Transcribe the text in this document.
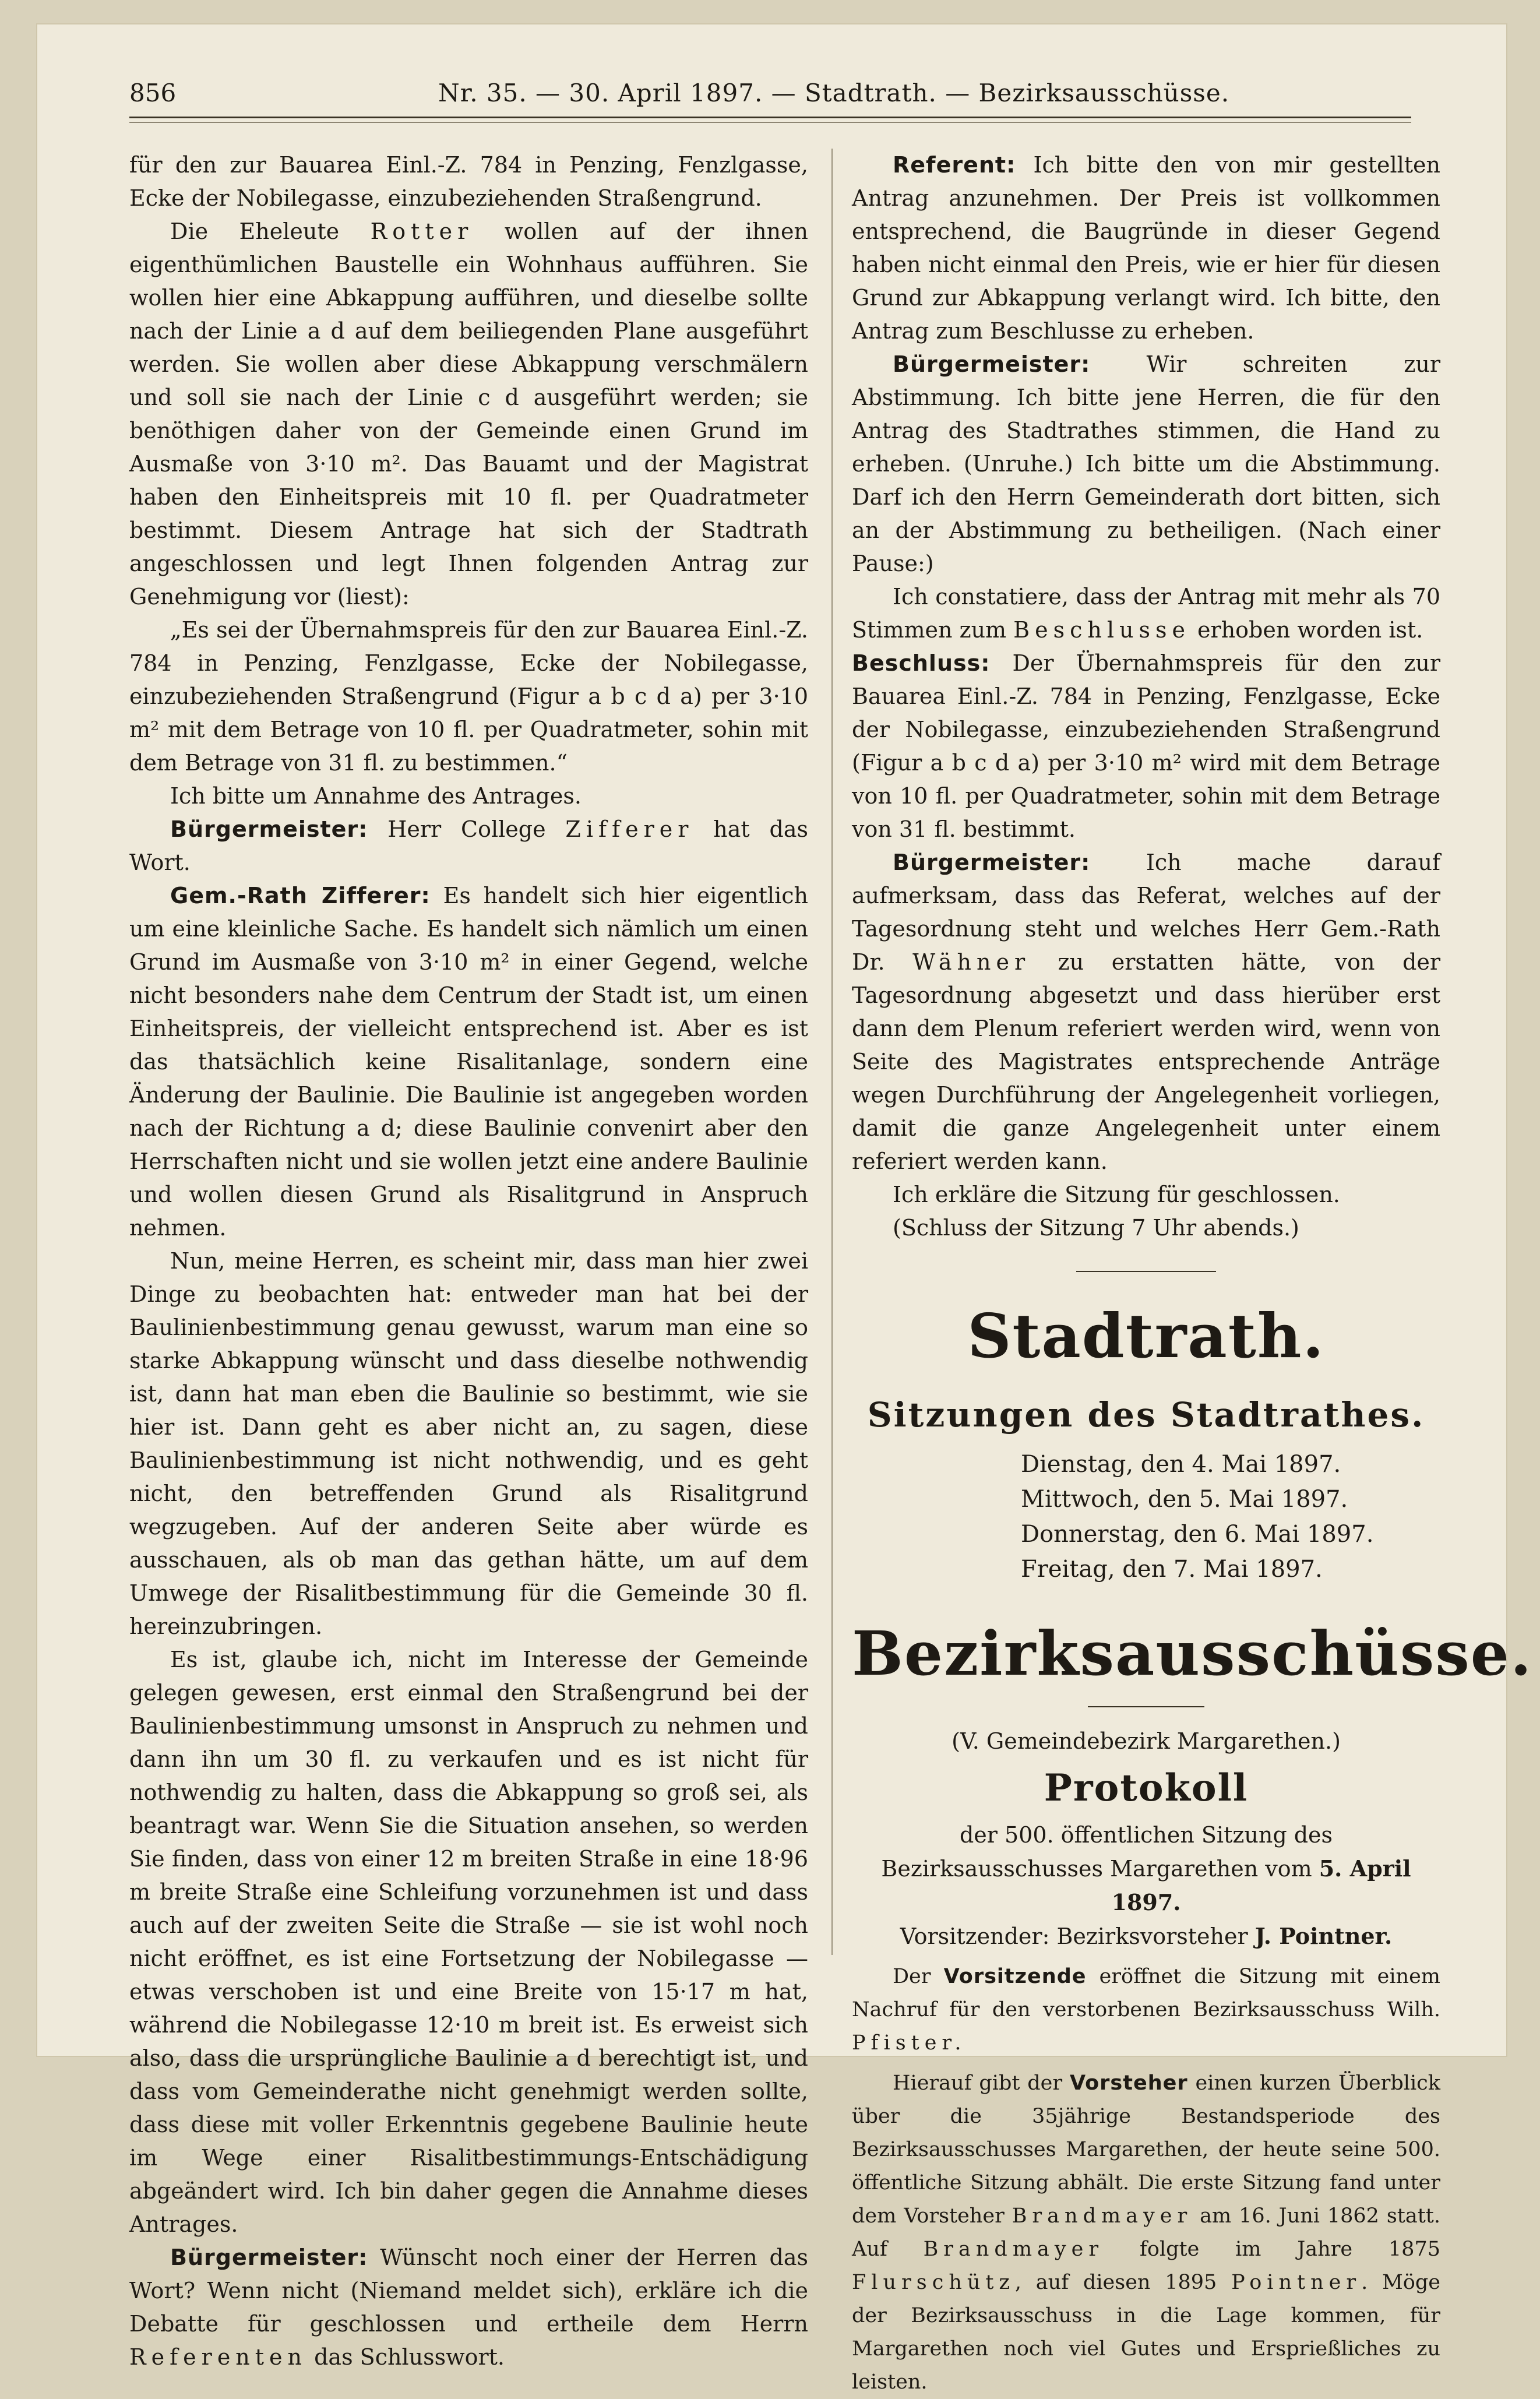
856	Nr. 35. — 30. April 1897. — Stadtrath. — Bezirksausschüsse.

für den zur Bauarea Einl.-Z. 784 in Penzing, Fenzlgasse, Ecke der Nobilegasse, einzubeziehenden Straßengrund.

Die Eheleute Rotter wollen auf der ihnen eigenthümlichen Baustelle ein Wohnhaus aufführen. Sie wollen hier eine Abkappung aufführen, und dieselbe sollte nach der Linie a d auf dem beiliegenden Plane ausgeführt werden. Sie wollen aber diese Abkappung verschmälern und soll sie nach der Linie c d ausgeführt werden; sie benöthigen daher von der Gemeinde einen Grund im Ausmaße von 3·10 m². Das Bauamt und der Magistrat haben den Einheitspreis mit 10 fl. per Quadratmeter bestimmt. Diesem Antrage hat sich der Stadtrath angeschlossen und legt Ihnen folgenden Antrag zur Genehmigung vor (liest):

„Es sei der Übernahmspreis für den zur Bauarea Einl.-Z. 784 in Penzing, Fenzlgasse, Ecke der Nobilegasse, einzubeziehenden Straßengrund (Figur a b c d a) per 3·10 m² mit dem Betrage von 10 fl. per Quadratmeter, sohin mit dem Betrage von 31 fl. zu bestimmen.“

Ich bitte um Annahme des Antrages.

Bürgermeister: Herr College Zifferer hat das Wort.

Gem.-Rath Zifferer: Es handelt sich hier eigentlich um eine kleinliche Sache. Es handelt sich nämlich um einen Grund im Ausmaße von 3·10 m² in einer Gegend, welche nicht besonders nahe dem Centrum der Stadt ist, um einen Einheitspreis, der vielleicht entsprechend ist. Aber es ist das thatsächlich keine Risalitanlage, sondern eine Änderung der Baulinie. Die Baulinie ist angegeben worden nach der Richtung a d; diese Baulinie convenirt aber den Herrschaften nicht und sie wollen jetzt eine andere Baulinie und wollen diesen Grund als Risalitgrund in Anspruch nehmen.

Nun, meine Herren, es scheint mir, dass man hier zwei Dinge zu beobachten hat: entweder man hat bei der Baulinienbestimmung genau gewusst, warum man eine so starke Abkappung wünscht und dass dieselbe nothwendig ist, dann hat man eben die Baulinie so bestimmt, wie sie hier ist. Dann geht es aber nicht an, zu sagen, diese Baulinienbestimmung ist nicht nothwendig, und es geht nicht, den betreffenden Grund als Risalitgrund wegzugeben. Auf der anderen Seite aber würde es ausschauen, als ob man das gethan hätte, um auf dem Umwege der Risalitbestimmung für die Gemeinde 30 fl. hereinzubringen.

Es ist, glaube ich, nicht im Interesse der Gemeinde gelegen gewesen, erst einmal den Straßengrund bei der Baulinienbestimmung umsonst in Anspruch zu nehmen und dann ihn um 30 fl. zu verkaufen und es ist nicht für nothwendig zu halten, dass die Abkappung so groß sei, als beantragt war. Wenn Sie die Situation ansehen, so werden Sie finden, dass von einer 12 m breiten Straße in eine 18·96 m breite Straße eine Schleifung vorzunehmen ist und dass auch auf der zweiten Seite die Straße — sie ist wohl noch nicht eröffnet, es ist eine Fortsetzung der Nobilegasse — etwas verschoben ist und eine Breite von 15·17 m hat, während die Nobilegasse 12·10 m breit ist. Es erweist sich also, dass die ursprüngliche Baulinie a d berechtigt ist, und dass vom Gemeinderathe nicht genehmigt werden sollte, dass diese mit voller Erkenntnis gegebene Baulinie heute im Wege einer Risalitbestimmungs-Entschädigung abgeändert wird. Ich bin daher gegen die Annahme dieses Antrages.

Bürgermeister: Wünscht noch einer der Herren das Wort? Wenn nicht (Niemand meldet sich), erkläre ich die Debatte für geschlossen und ertheile dem Herrn Referenten das Schlusswort.

Referent: Ich bitte den von mir gestellten Antrag anzunehmen. Der Preis ist vollkommen entsprechend, die Baugründe in dieser Gegend haben nicht einmal den Preis, wie er hier für diesen Grund zur Abkappung verlangt wird. Ich bitte, den Antrag zum Beschlusse zu erheben.

Bürgermeister: Wir schreiten zur Abstimmung. Ich bitte jene Herren, die für den Antrag des Stadtrathes stimmen, die Hand zu erheben. (Unruhe.) Ich bitte um die Abstimmung. Darf ich den Herrn Gemeinderath dort bitten, sich an der Abstimmung zu betheiligen. (Nach einer Pause:)

Ich constatiere, dass der Antrag mit mehr als 70 Stimmen zum Beschlusse erhoben worden ist.

Beschluss: Der Übernahmspreis für den zur Bauarea Einl.-Z. 784 in Penzing, Fenzlgasse, Ecke der Nobilegasse, einzubeziehenden Straßengrund (Figur a b c d a) per 3·10 m² wird mit dem Betrage von 10 fl. per Quadratmeter, sohin mit dem Betrage von 31 fl. bestimmt.

Bürgermeister: Ich mache darauf aufmerksam, dass das Referat, welches auf der Tagesordnung steht und welches Herr Gem.-Rath Dr. Wähner zu erstatten hätte, von der Tagesordnung abgesetzt und dass hierüber erst dann dem Plenum referiert werden wird, wenn von Seite des Magistrates entsprechende Anträge wegen Durchführung der Angelegenheit vorliegen, damit die ganze Angelegenheit unter einem referiert werden kann.

Ich erkläre die Sitzung für geschlossen.

(Schluss der Sitzung 7 Uhr abends.)

Stadtrath.
Sitzungen des Stadtrathes.

Dienstag, den 4. Mai 1897.

Mittwoch, den 5. Mai 1897.

Donnerstag, den 6. Mai 1897.

Freitag, den 7. Mai 1897.

Bezirksausschüsse.

(V. Gemeindebezirk Margarethen.)

Protokoll

der 500. öffentlichen Sitzung des Bezirksausschusses Margarethen vom 5. April 1897.

Vorsitzender: Bezirksvorsteher J. Pointner.

Der Vorsitzende eröffnet die Sitzung mit einem Nachruf für den verstorbenen Bezirksausschuss Wilh. Pfister.

Hierauf gibt der Vorsteher einen kurzen Überblick über die 35jährige Bestandsperiode des Bezirksausschusses Margarethen, der heute seine 500. öffentliche Sitzung abhält. Die erste Sitzung fand unter dem Vorsteher Brandmayer am 16. Juni 1862 statt. Auf Brandmayer folgte im Jahre 1875 Flurschütz, auf diesen 1895 Pointner. Möge der Bezirksausschuss in die Lage kommen, für Margarethen noch viel Gutes und Ersprießliches zu leisten.
